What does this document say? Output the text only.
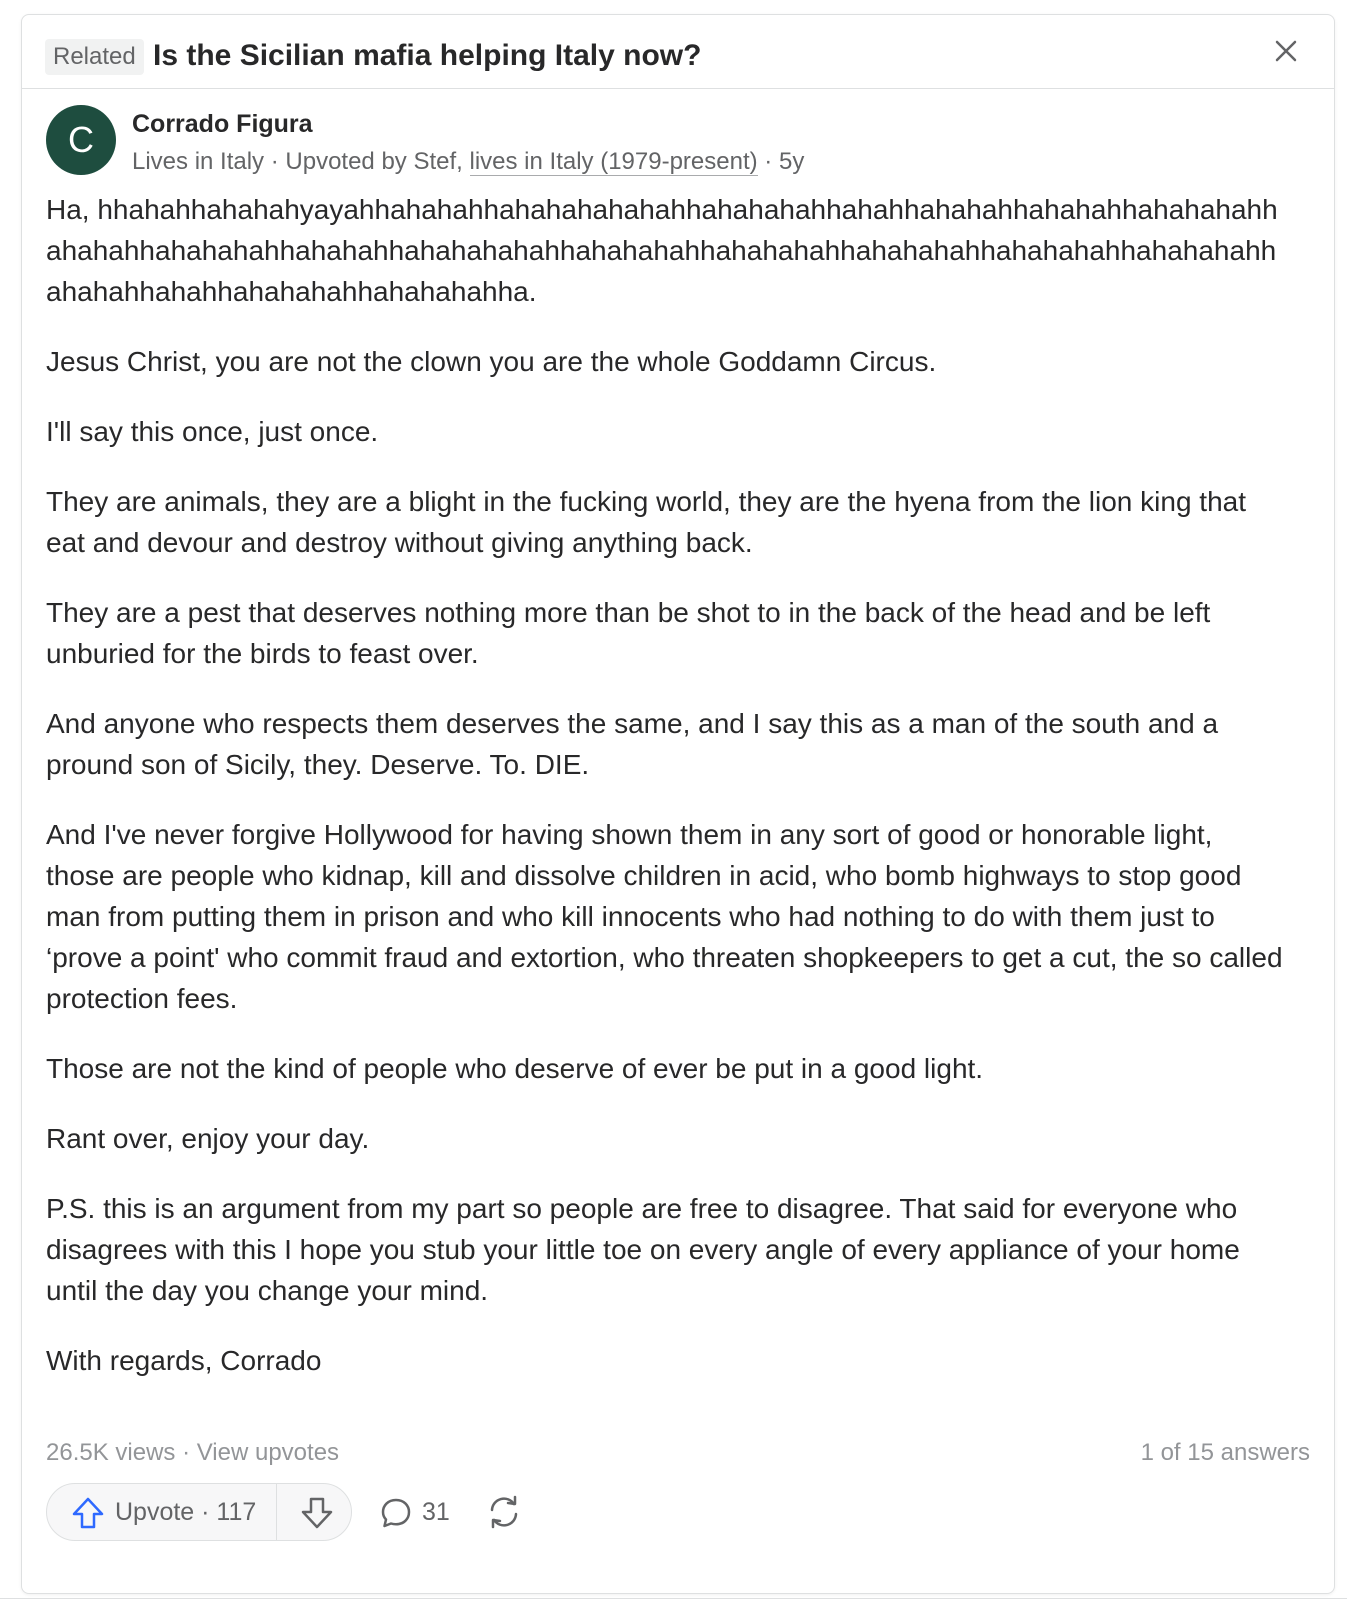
Related Is the Sicilian mafia helping Italy now?
C	Corrado Figura
Lives in Italy · Upvoted by Stef, lives in Italy (1979-present) · 5y

Ha, hhahahhahahahyayahhahahahhahahahahahahhahahahahhahahhahahahhahahahhahahahahhahahahhahahahahhahahahhahahahahahhahahahahhahahahahhahahahahhahahahahhahahahahhahahahhahahhahahahahhahahahahha.

Jesus Christ, you are not the clown you are the whole Goddamn Circus.

I'll say this once, just once.

They are animals, they are a blight in the fucking world, they are the hyena from the lion king that eat and devour and destroy without giving anything back.

They are a pest that deserves nothing more than be shot to in the back of the head and be left unburied for the birds to feast over.

And anyone who respects them deserves the same, and I say this as a man of the south and a pround son of Sicily, they. Deserve. To. DIE.

And I've never forgive Hollywood for having shown them in any sort of good or honorable light, those are people who kidnap, kill and dissolve children in acid, who bomb highways to stop good man from putting them in prison and who kill innocents who had nothing to do with them just to ‘prove a point' who commit fraud and extortion, who threaten shopkeepers to get a cut, the so called protection fees.

Those are not the kind of people who deserve of ever be put in a good light.

Rant over, enjoy your day.

P.S. this is an argument from my part so people are free to disagree. That said for everyone who disagrees with this I hope you stub your little toe on every angle of every appliance of your home until the day you change your mind.

With regards, Corrado

26.5K views · View upvotes	1 of 15 answers
Upvote · 117	31
